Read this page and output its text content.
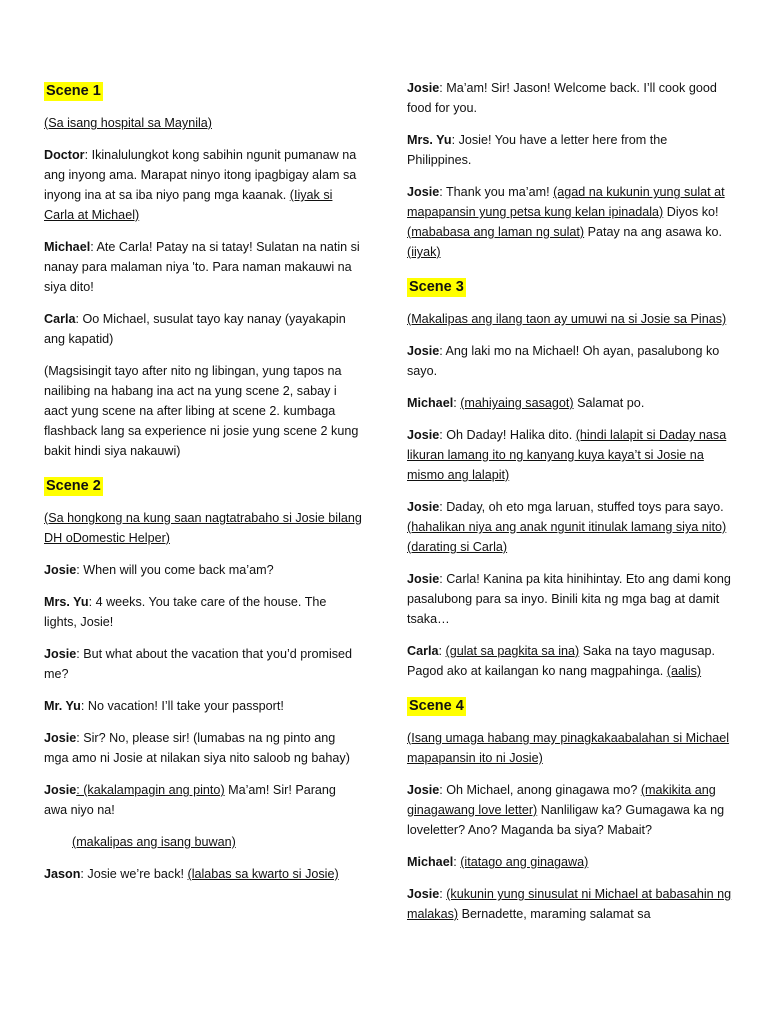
Scene 1

(Sa isang hospital sa Maynila)

Doctor: Ikinalulungkot kong sabihin ngunit pumanaw na ang inyong ama. Marapat ninyo itong ipagbigay alam sa inyong ina at sa iba niyo pang mga kaanak. (Iiyak si Carla at Michael)

Michael: Ate Carla! Patay na si tatay! Sulatan na natin si nanay para malaman niya 'to. Para naman makauwi na siya dito!

Carla: Oo Michael, susulat tayo kay nanay (yayakapin ang kapatid)

(Magsisingit tayo after nito ng libingan, yung tapos na nailibing na habang ina act na yung scene 2, sabay i aact yung scene na after libing at scene 2. kumbaga flashback lang sa experience ni josie yung scene 2 kung bakit hindi siya nakauwi)

Scene 2

(Sa hongkong na kung saan nagtatrabaho si Josie bilang DH oDomestic Helper)

Josie: When will you come back ma’am?

Mrs. Yu: 4 weeks. You take care of the house. The lights, Josie!

Josie: But what about the vacation that you’d promised me?

Mr. Yu: No vacation! I’ll take your passport!

Josie: Sir? No, please sir! (lumabas na ng pinto ang mga amo ni Josie at nilakan siya nito saloob ng bahay)

Josie: (kakalampagin ang pinto) Ma’am! Sir! Parang awa niyo na!

(makalipas ang isang buwan)

Jason: Josie we’re back! (lalabas sa kwarto si Josie)

Josie: Ma’am! Sir! Jason! Welcome back. I’ll cook good food for you.

Mrs. Yu: Josie! You have a letter here from the Philippines.

Josie: Thank you ma’am! (agad na kukunin yung sulat at mapapansin yung petsa kung kelan ipinadala) Diyos ko! (mababasa ang laman ng sulat) Patay na ang asawa ko. (iiyak)

Scene 3

(Makalipas ang ilang taon ay umuwi na si Josie sa Pinas)

Josie: Ang laki mo na Michael! Oh ayan, pasalubong ko sayo.

Michael: (mahiyaing sasagot) Salamat po.

Josie: Oh Daday! Halika dito. (hindi lalapit si Daday nasa likuran lamang ito ng kanyang kuya kaya’t si Josie na mismo ang lalapit)

Josie: Daday, oh eto mga laruan, stuffed toys para sayo. (hahalikan niya ang anak ngunit itinulak lamang siya nito) (darating si Carla)

Josie: Carla! Kanina pa kita hinihintay. Eto ang dami kong pasalubong para sa inyo. Binili kita ng mga bag at damit tsaka…

Carla: (gulat sa pagkita sa ina) Saka na tayo magusap. Pagod ako at kailangan ko nang magpahinga. (aalis)

Scene 4

(Isang umaga habang may pinagkakaabalahan si Michael mapapansin ito ni Josie)

Josie: Oh Michael, anong ginagawa mo? (makikita ang ginagawang love letter) Nanliligaw ka? Gumagawa ka ng loveletter? Ano? Maganda ba siya? Mabait?

Michael: (itatago ang ginagawa)

Josie: (kukunin yung sinusulat ni Michael at babasahin ng malakas) Bernadette, maraming salamat sa
